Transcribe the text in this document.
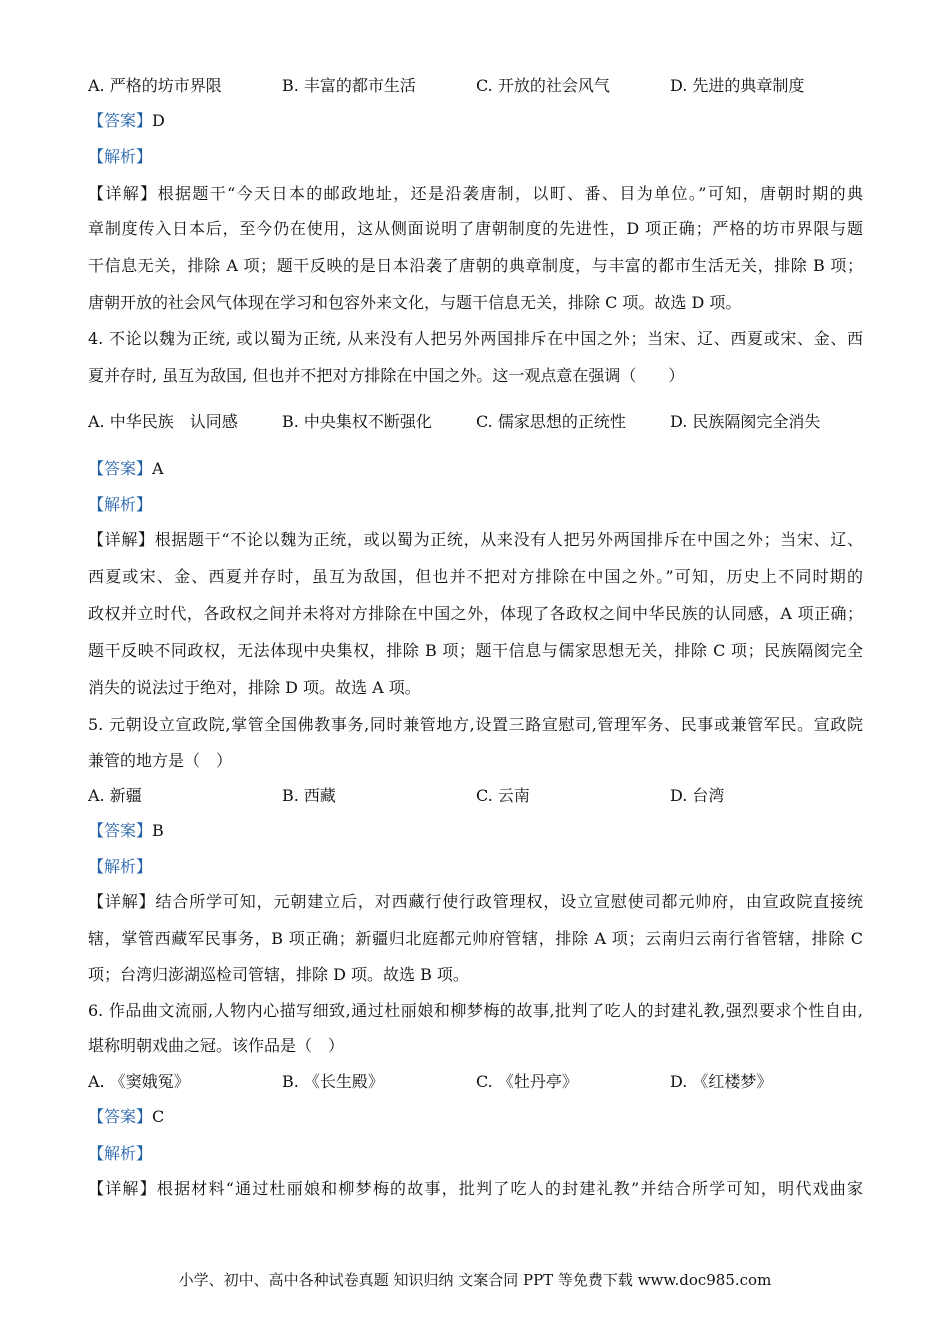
A. 严格的坊市界限	B. 丰富的都市生活	C. 开放的社会风气	D. 先进的典章制度
【答案】D
【解析】
【详解】根据题干“今天日本的邮政地址，还是沿袭唐制，以町、番、目为单位。”可知，唐朝时期的典
章制度传入日本后，至今仍在使用，这从侧面说明了唐朝制度的先进性，D 项正确；严格的坊市界限与题
干信息无关，排除 A 项；题干反映的是日本沿袭了唐朝的典章制度，与丰富的都市生活无关，排除 B 项；
唐朝开放的社会风气体现在学习和包容外来文化，与题干信息无关，排除 C 项。故选 D 项。
4. 不论以魏为正统, 或以蜀为正统, 从来没有人把另外两国排斥在中国之外；当宋、辽、西夏或宋、金、西
夏并存时, 虽互为敌国, 但也并不把对方排除在中国之外。这一观点意在强调（　　）
A. 中华民族　认同感	B. 中央集权不断强化	C. 儒家思想的正统性	D. 民族隔阂完全消失
【答案】A
【解析】
【详解】根据题干“不论以魏为正统，或以蜀为正统，从来没有人把另外两国排斥在中国之外；当宋、辽、
西夏或宋、金、西夏并存时，虽互为敌国，但也并不把对方排除在中国之外。”可知，历史上不同时期的
政权并立时代，各政权之间并未将对方排除在中国之外，体现了各政权之间中华民族的认同感，A 项正确；
题干反映不同政权，无法体现中央集权，排除 B 项；题干信息与儒家思想无关，排除 C 项；民族隔阂完全
消失的说法过于绝对，排除 D 项。故选 A 项。
5. 元朝设立宣政院,掌管全国佛教事务,同时兼管地方,设置三路宣慰司,管理军务、民事或兼管军民。宣政院
兼管的地方是（　）
A. 新疆	B. 西藏	C. 云南	D. 台湾
【答案】B
【解析】
【详解】结合所学可知，元朝建立后，对西藏行使行政管理权，设立宣慰使司都元帅府，由宣政院直接统
辖，掌管西藏军民事务，B 项正确；新疆归北庭都元帅府管辖，排除 A 项；云南归云南行省管辖，排除 C
项；台湾归澎湖巡检司管辖，排除 D 项。故选 B 项。
6. 作品曲文流丽,人物内心描写细致,通过杜丽娘和柳梦梅的故事,批判了吃人的封建礼教,强烈要求个性自由,
堪称明朝戏曲之冠。该作品是（　）
A. 《窦娥冤》	B. 《长生殿》	C. 《牡丹亭》	D. 《红楼梦》
【答案】C
【解析】
【详解】根据材料“通过杜丽娘和柳梦梅的故事，批判了吃人的封建礼教”并结合所学可知，明代戏曲家
小学、初中、高中各种试卷真题 知识归纳 文案合同 PPT 等免费下载 www.doc985.com
